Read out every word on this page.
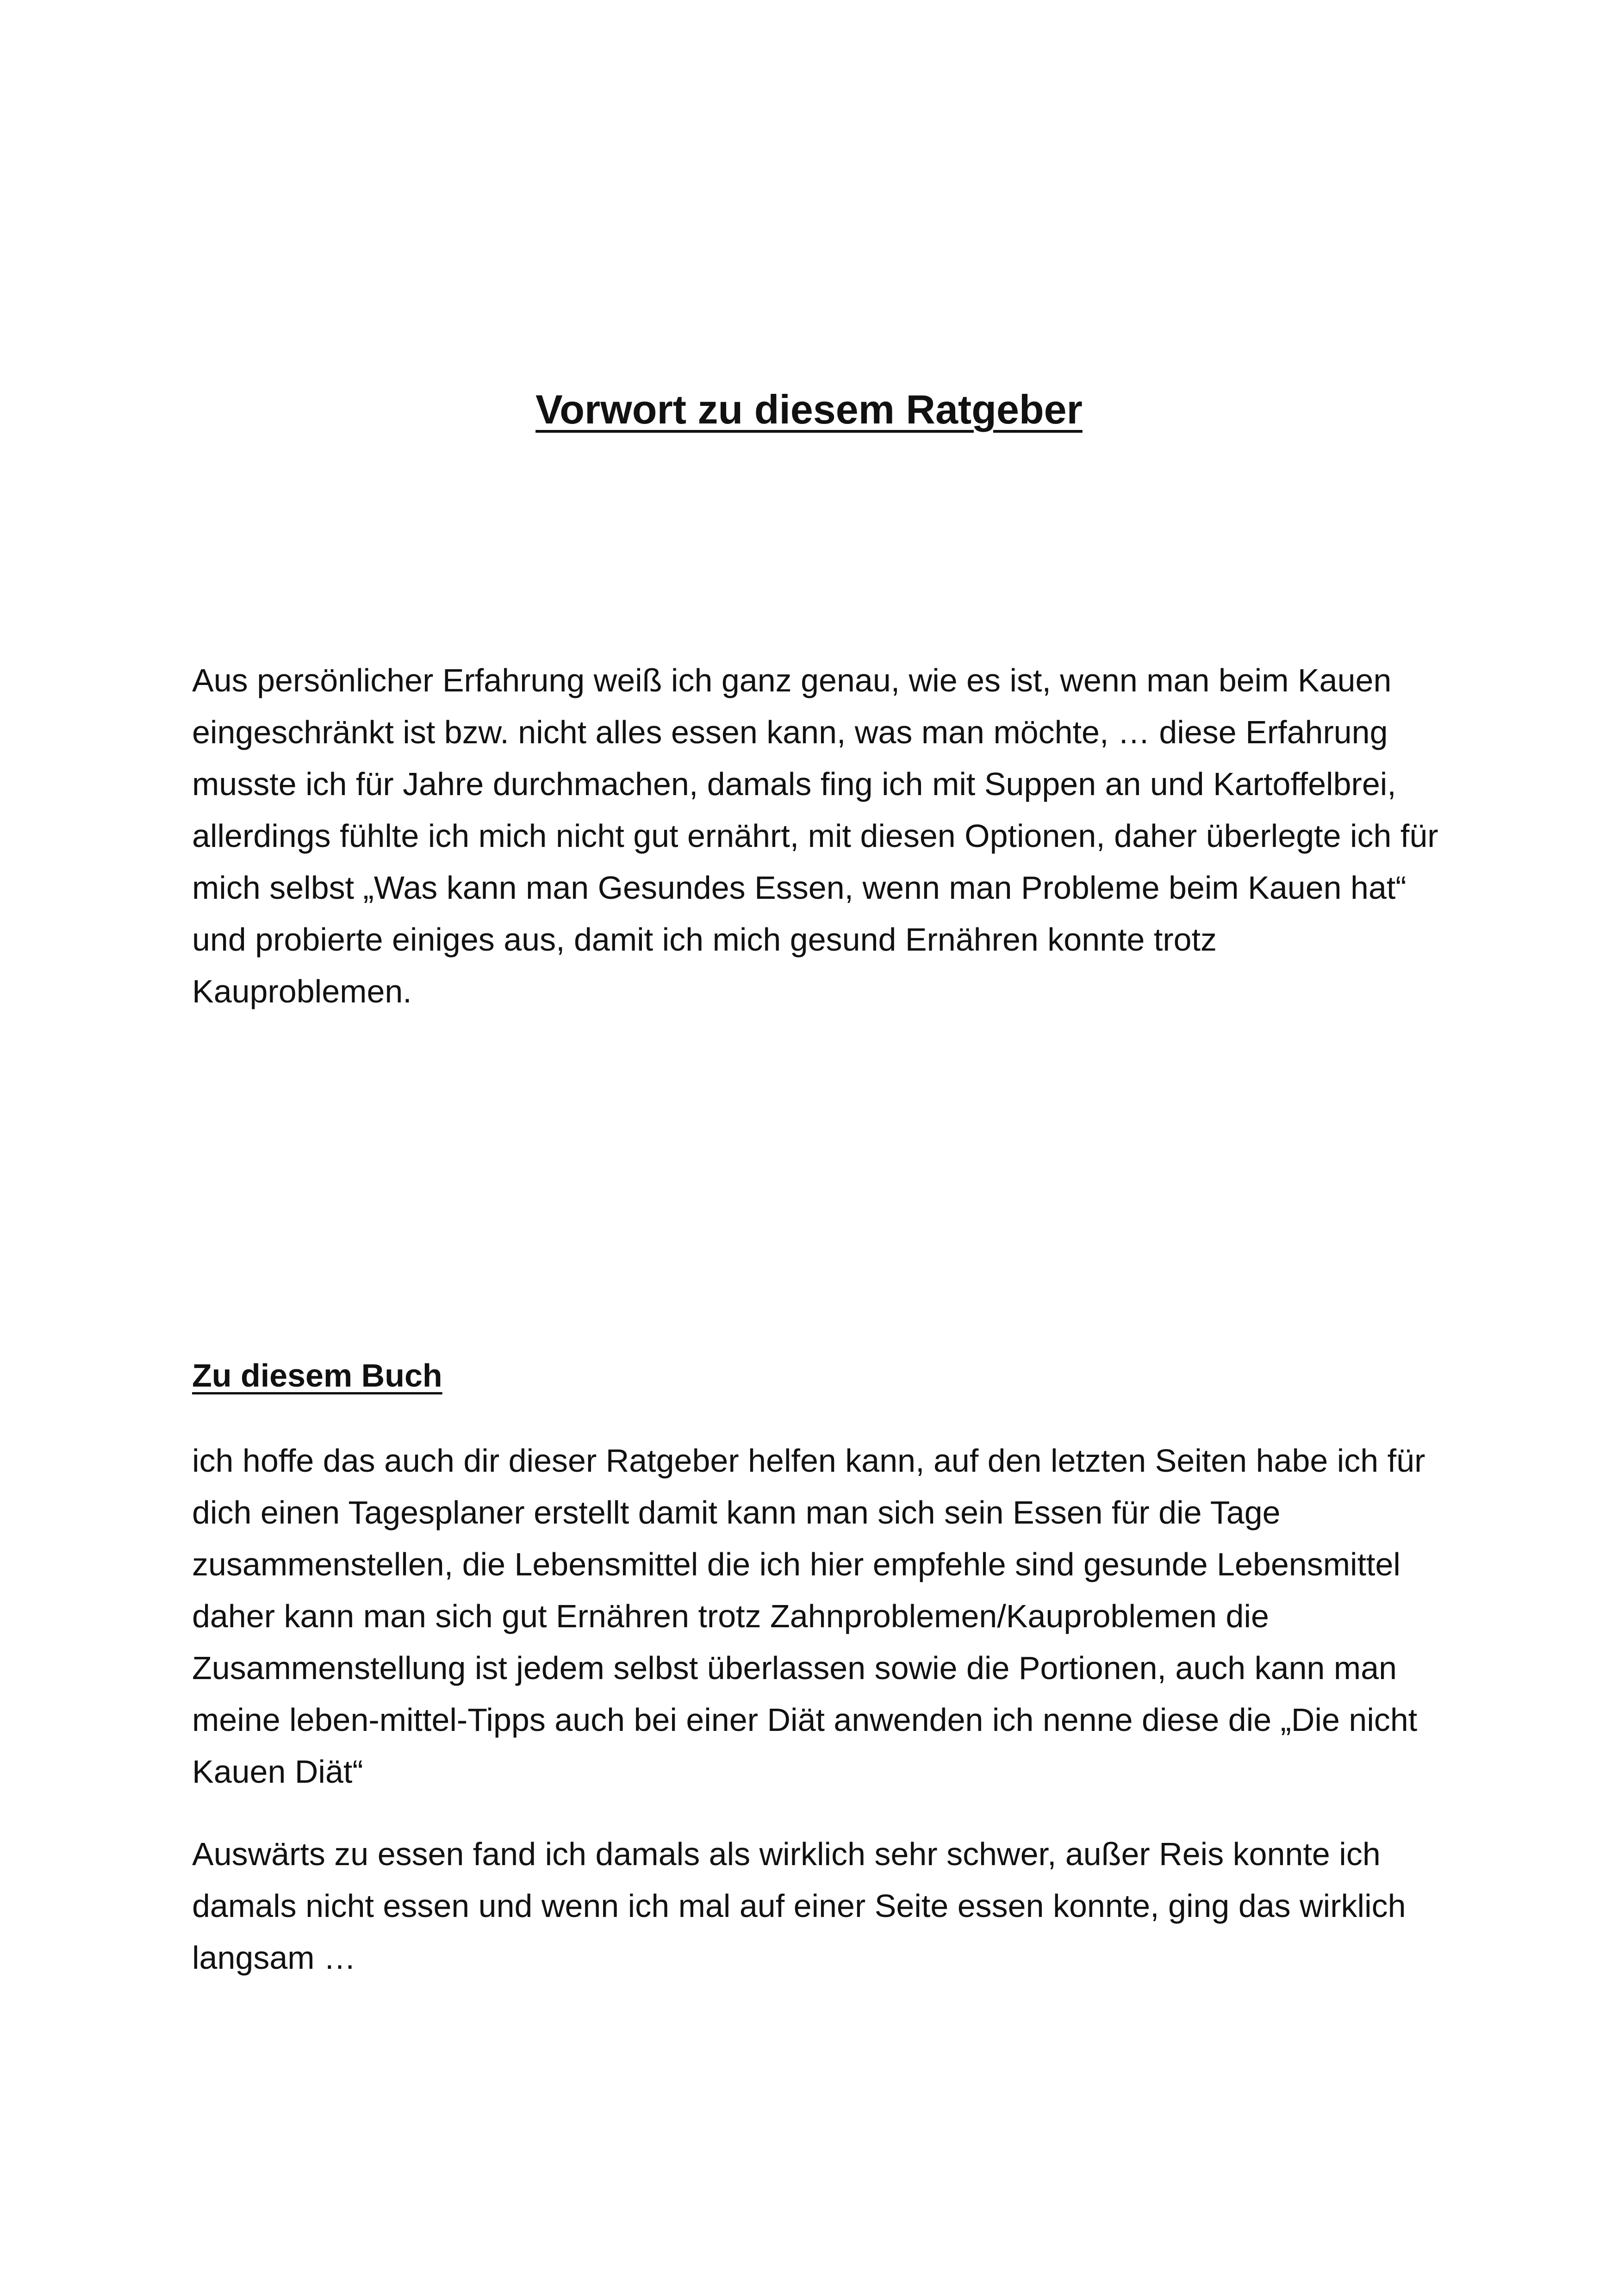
Vorwort zu diesem Ratgeber

Aus persönlicher Erfahrung weiß ich ganz genau, wie es ist, wenn man beim Kauen eingeschränkt ist bzw. nicht alles essen kann, was man möchte, … diese Erfahrung musste ich für Jahre durchmachen, damals fing ich mit Suppen an und Kartoffelbrei, allerdings fühlte ich mich nicht gut ernährt, mit diesen Optionen, daher überlegte ich für mich selbst „Was kann man Gesundes Essen, wenn man Probleme beim Kauen hat“ und probierte einiges aus, damit ich mich gesund Ernähren konnte trotz Kauproblemen.

Zu diesem Buch

ich hoffe das auch dir dieser Ratgeber helfen kann, auf den letzten Seiten habe ich für dich einen Tagesplaner erstellt damit kann man sich sein Essen für die Tage zusammenstellen, die Lebensmittel die ich hier empfehle sind gesunde Lebensmittel daher kann man sich gut Ernähren trotz Zahnproblemen/Kauproblemen die Zusammenstellung ist jedem selbst überlassen sowie die Portionen, auch kann man meine leben-mittel-Tipps auch bei einer Diät anwenden ich nenne diese die „Die nicht Kauen Diät“

Auswärts zu essen fand ich damals als wirklich sehr schwer, außer Reis konnte ich damals nicht essen und wenn ich mal auf einer Seite essen konnte, ging das wirklich langsam …
